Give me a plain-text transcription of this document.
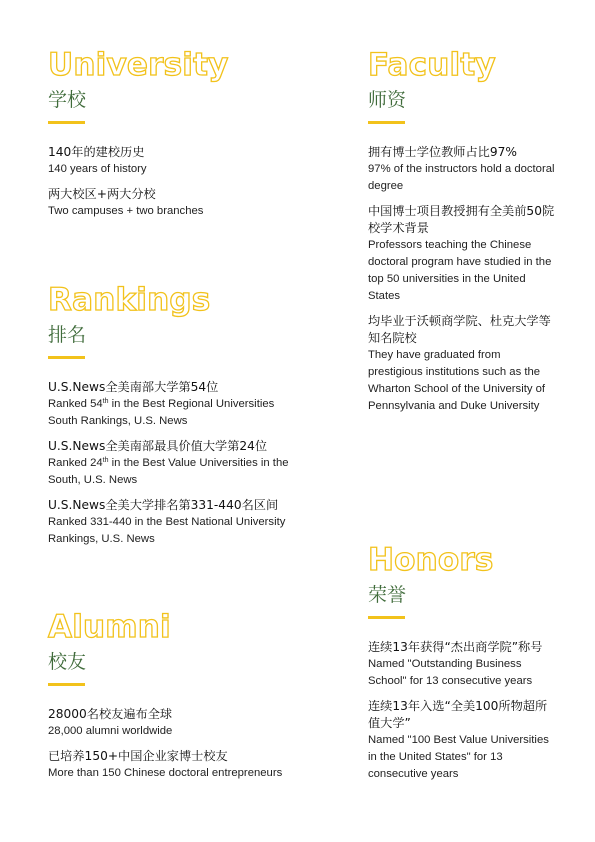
University
学校
140年的建校历史
140 years of history
两大校区+两大分校
Two campuses + two branches
Faculty
师资
拥有博士学位教师占比97%
97% of the instructors hold a doctoral degree
中国博士项目教授拥有全美前50院校学术背景
Professors teaching the Chinese doctoral program have studied in the top 50 universities in the United States
均毕业于沃顿商学院、杜克大学等知名院校
They have graduated from prestigious institutions such as the Wharton School of the University of Pennsylvania and Duke University
Rankings
排名
U.S.News全美南部大学第54位
Ranked 54th in the Best Regional Universities South Rankings, U.S. News
U.S.News全美南部最具价值大学第24位
Ranked 24th in the Best Value Universities in the South, U.S. News
U.S.News全美大学排名第331-440名区间
Ranked 331-440 in the Best National University Rankings, U.S. News
Honors
荣誉
连续13年获得“杰出商学院”称号
Named "Outstanding Business School" for 13 consecutive years
连续13年入选“全美100所物超所值大学”
Named "100 Best Value Universities in the United States" for 13 consecutive years
Alumni
校友
28000名校友遍布全球
28,000 alumni worldwide
已培养150+中国企业家博士校友
More than 150 Chinese doctoral entrepreneurs
